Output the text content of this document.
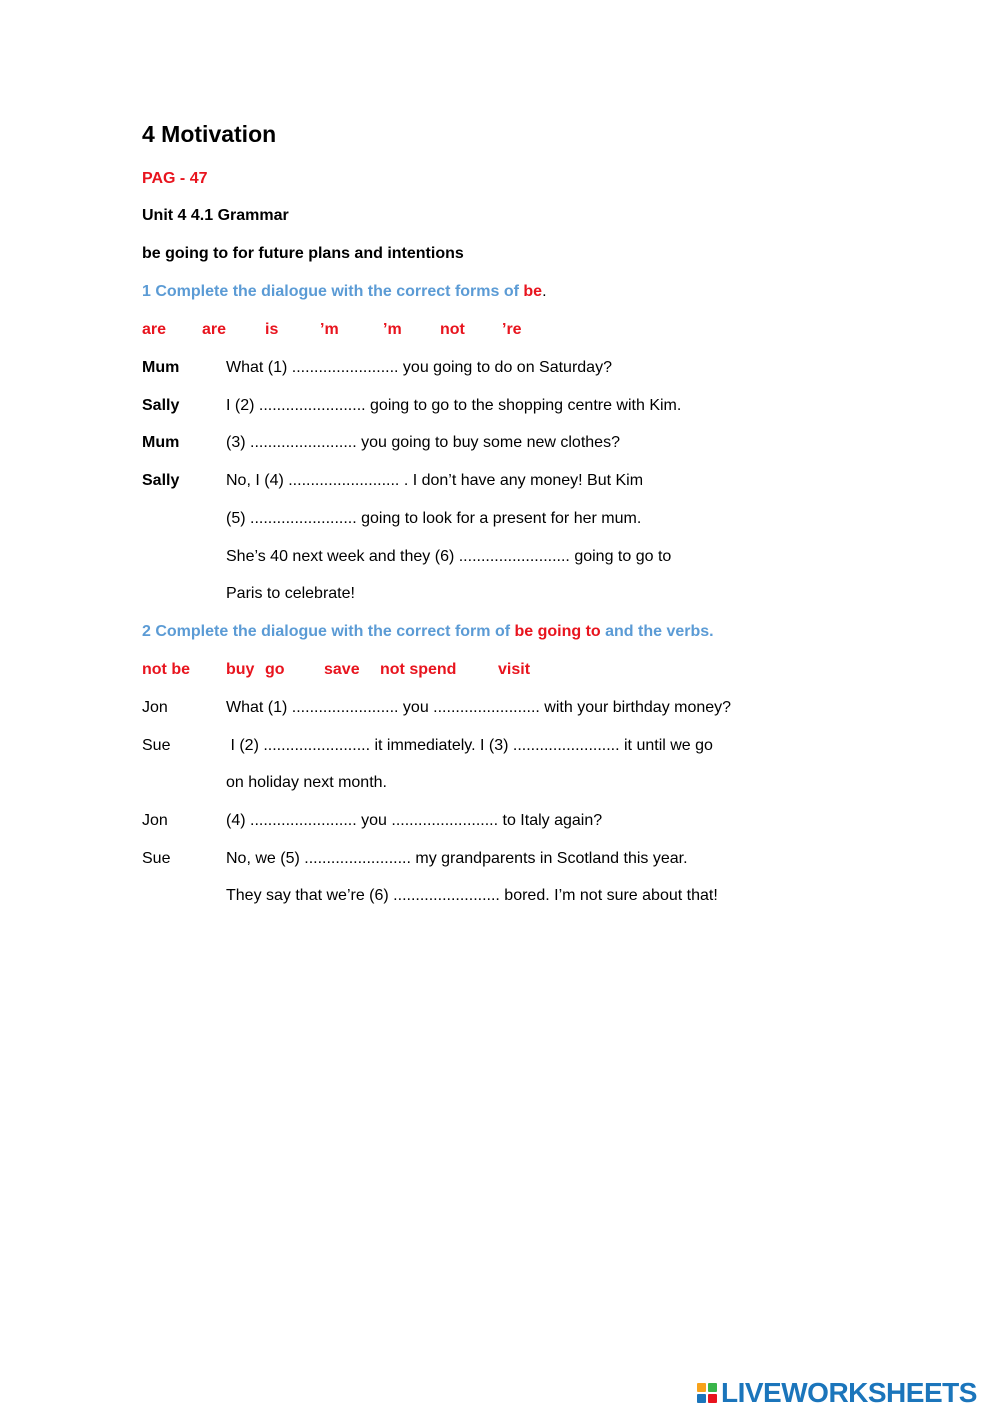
4 Motivation
PAG - 47
Unit 4 4.1 Grammar
be going to for future plans and intentions
1 Complete the dialogue with the correct forms of be.
are are is	’m	’m not ’re
Mum	What (1) ........................ you going to do on Saturday?
Sally	I (2) ........................ going to go to the shopping centre with Kim.
Mum	(3) ........................ you going to buy some new clothes?
Sally	No, I (4) ......................... . I don’t have any money! But Kim
(5) ........................ going to look for a present for her mum.
She’s 40 next week and they (6) ......................... going to go to
Paris to celebrate!
2 Complete the dialogue with the correct form of be going to and the verbs.
not be buy go save not spend	visit
Jon	What (1) ........................ you ........................ with your birthday money?
Sue	I (2) ........................ it immediately. I (3) ........................ it until we go
on holiday next month.
Jon	(4) ........................ you ........................ to Italy again?
Sue	No, we (5) ........................ my grandparents in Scotland this year.
They say that we’re (6) ........................ bored. I’m not sure about that!
LIVEWORKSHEETS
